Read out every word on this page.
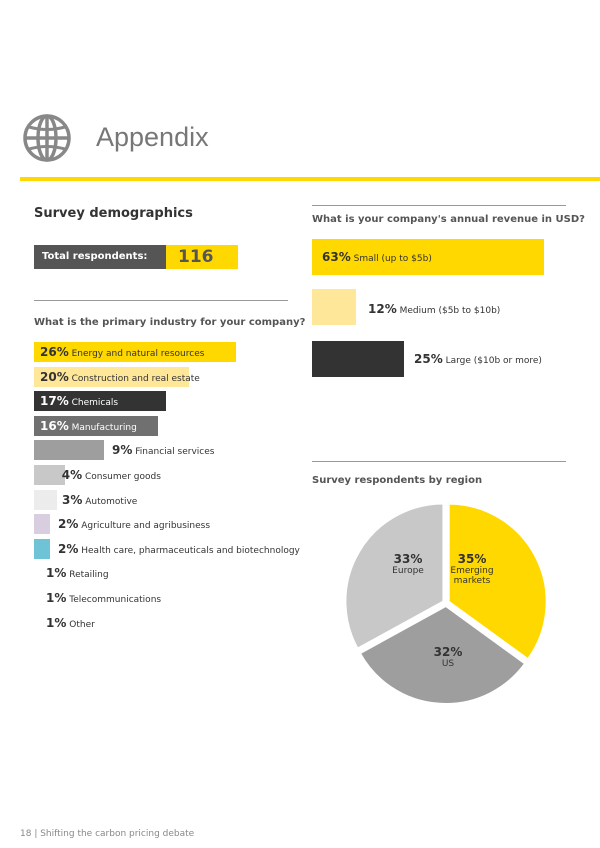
Appendix
Survey demographics
Total respondents:	116
What is the primary industry for your company?
26% Energy and natural resources
20% Construction and real estate
17% Chemicals
16% Manufacturing
9% Financial services
4% Consumer goods
3% Automotive
2% Agriculture and agribusiness
2% Health care, pharmaceuticals and biotechnology
1% Retailing
1% Telecommunications
1% Other
What is your company's annual revenue in USD?
63% Small (up to $5b)
12% Medium ($5b to $10b)
25% Large ($10b or more)
Survey respondents by region
35%
Emerging markets
33%
Europe
32%
US
18 | Shifting the carbon pricing debate
